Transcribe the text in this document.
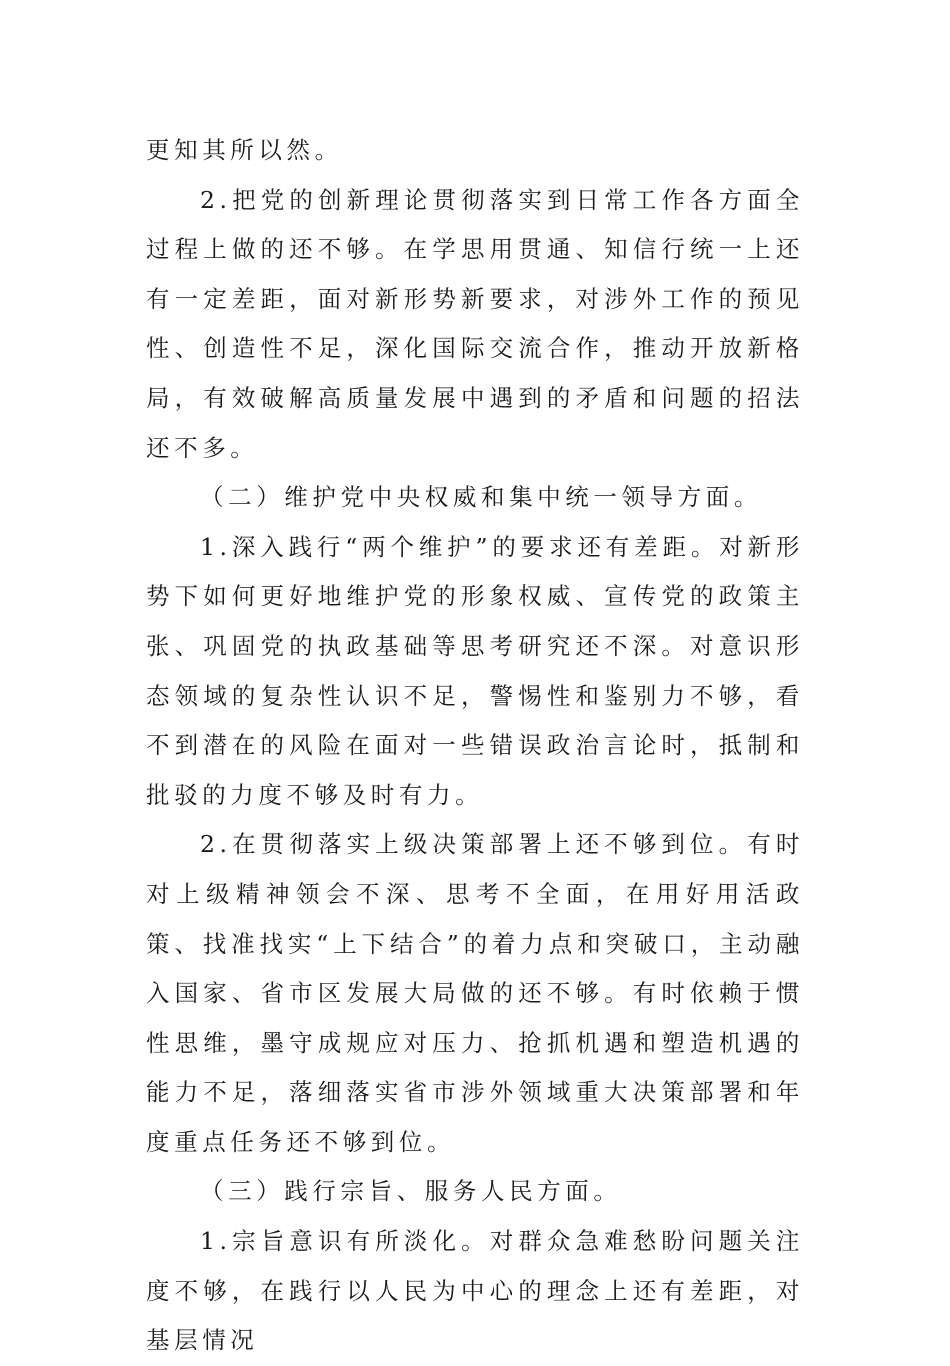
更知其所以然。

2.把党的创新理论贯彻落实到日常工作各方面全过程上做的还不够。在学思用贯通、知信行统一上还有一定差距，面对新形势新要求，对涉外工作的预见性、创造性不足，深化国际交流合作，推动开放新格局，有效破解高质量发展中遇到的矛盾和问题的招法还不多。

（二）维护党中央权威和集中统一领导方面。

1.深入践行“两个维护”的要求还有差距。对新形势下如何更好地维护党的形象权威、宣传党的政策主张、巩固党的执政基础等思考研究还不深。对意识形态领域的复杂性认识不足，警惕性和鉴别力不够，看不到潜在的风险在面对一些错误政治言论时，抵制和批驳的力度不够及时有力。

2.在贯彻落实上级决策部署上还不够到位。有时对上级精神领会不深、思考不全面，在用好用活政策、找准找实“上下结合”的着力点和突破口，主动融入国家、省市区发展大局做的还不够。有时依赖于惯性思维，墨守成规应对压力、抢抓机遇和塑造机遇的能力不足，落细落实省市涉外领域重大决策部署和年度重点任务还不够到位。

（三）践行宗旨、服务人民方面。

1.宗旨意识有所淡化。对群众急难愁盼问题关注度不够，在践行以人民为中心的理念上还有差距，对基层情况
